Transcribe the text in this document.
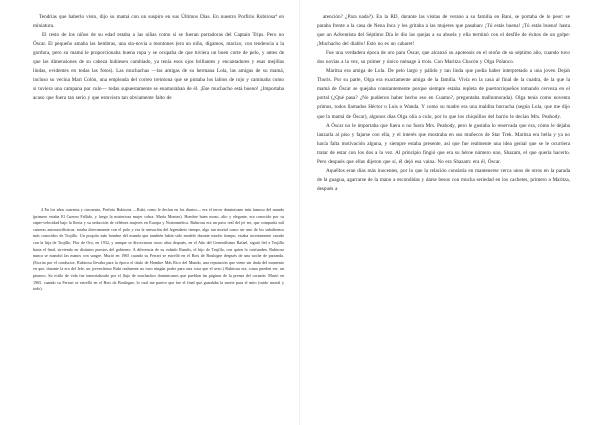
Tendrías que haberlo visto, dijo su mamá con un suspiro en sus Últimos Días. En nuestro Porfirio Rubirosa⁴ en miniatura.

El resto de los niños de su edad estaba a las niñas como si se fueran portadoras del Captain Trips. Pero no Óscar. El pequeño amaba las hembras, una sin-novia a montones (era un niño, digamos, macizo, con tendencia a la gordura, pero su mamá le proporcionaba buena ropa y se ocupaba de que tuviera un buen corte de pelo, y antes de que las dimensiones de su cabeza hubiesen cambiado, ya tenía esos ojos brillantes y encantadores y esas mejillas lindas, evidentes en todas las fotos). Las muchachas —las amigas de su hermana Lola, las amigas de su mamá, incluso su vecina Mari Colón, una empleada del correo treintona que se pintaba los labios de rojo y caminaba como si tuviera una campana por culo— todas supuestamente se enamoraban de él. ¡Ese muchacho está bueno! ¿Importaba acaso que fuera tan serio y que estuviera tan obviamente falto de

4 En los años cuarenta y cincuenta, Porfirio Rubirosa —Rubi, como le decían en los diarios— era el tercer dominicano más famoso del mundo (primero estaba El Cuerno Fallido, y luego la misteriosa mujer cobra, María Montez). Hombre buen mozo, alto y elegante, era conocido por su súper-velocidad bajo la lluvia y su seducción de célebres mujeres en Europa y Norteamérica. Rubirosa era un pavo real del jet set, que compartía mil carreras automovilísticas, estaba directamente con el polo y era la sensación del legendario tiempo, algo tan mortal como ser uno de los subalternos más conocidos de Trujillo. Un poquito más hombre del mundo que también había sido modelo durante mucho tiempo, estaba secretamente casado con la hija de Trujillo, Flor de Oro, en 1932, y aunque se divorciaron cinco años después, en el Año del Generalísimo Rafael, siguió fiel a Trujillo hasta el final, sirviendo en distintos puestos del gobierno. A diferencia de su cuñado Ramfis, el hijo de Trujillo, con quien lo confunden, Rubirosa nunca se manchó las manos con sangre. Murió en 1965 cuando su Ferrari se estrelló en el Bois de Boulogne después de una noche de parranda. (Escrita por el conductor, Rubirosa llevaba para la época el título de Hombre Más Rico del Mundo, una reputación que viene sin duda del momento en que, durante la era del Jefe, un jovencísimo Rubi realmente no tuvo ningún poder para otra cosa que el sexo.) Rubirosa era, como pueden ver, un pionero. Su estilo de vida fue inmortalizado por el flujo de muchachos dominicanos que pueblan las páginas de la prensa del corazón. Murió en 1965, cuando su Ferrari se estrelló en el Bois de Boulogne, lo cual me parece que fue el final que guardaba la suerte para el mito (ruido mortal y todo).

atención? ¿Para nada?). En la RD, durante las visitas de verano a su familia en Baní, se portaba de lo peor: se paraba frente a la casa de Nena Inca y les gritaba a las mujeres que pasaban: ¡Tú estás buena! ¡Tú estás buena! hasta que un Adventista del Séptimo Día le dio las quejas a su abuela y ella terminó con el desfile de éxitos de un golpe: ¡Muchacho del diablo! Esto no es un cabaret!

Fue una verdadera época de oro para Óscar, que alcanzó su apoteosis en el otoño de su séptimo año, cuando tuvo dos novias a la vez, su primer y único ménage à trois. Con Maritza Chacón y Olga Polanco.

Maritza era amiga de Lola. De pelo largo y pálido y tan linda que podía haber interpretado a una joven Dejah Thoris. Por su parte, Olga era exactamente amiga de la familia. Vivía en la casa al final de la cuadra, de la que la mamá de Óscar se quejaba constantemente porque siempre estaba repleta de puertorriqueños tomando cerveza en el portal (¿Qué pasa? ¿No pudieron haber hecho eso en Cuamo?, preguntaba malhumorada). Olga tenía como noventa primos, todos llamados Héctor o Luis o Wanda. Y como su madre era una maldita borracha (según Lola, que me dijo que la mamá de Óscar), algunos días Olga olía a culo, por lo que los chiquillos del barrio le decían Mrs. Peabody.

A Óscar no le importaba que fuera o no fuera Mrs. Peabody, pero le gustaba lo reservada que era, cómo le dejaba lanzarla al piso y fajarse con ella, y el interés que mostraba en sus muñecos de Star Trek. Maritza era bella y ya no hacía falta motivación alguna, y siempre estaba presente, así que fue realmente una idea genial que se le ocurriera tratar de estar con los dos a la vez. Al principio fingió que era su héroe número uno, Shazam, el que quería hacerlo. Pero después que ellas dijeron que sí, él dejó esa vaina. No era Shazam: era él, Óscar.

Aquéllos eran días más inocentes, por lo que la relación consistía en mantenerse cerca unos de otros en la parada de la guagua, agarrarse de la mano a escondidas y darse besos con mucha seriedad en los cachetes, primero a Maritza, después a
